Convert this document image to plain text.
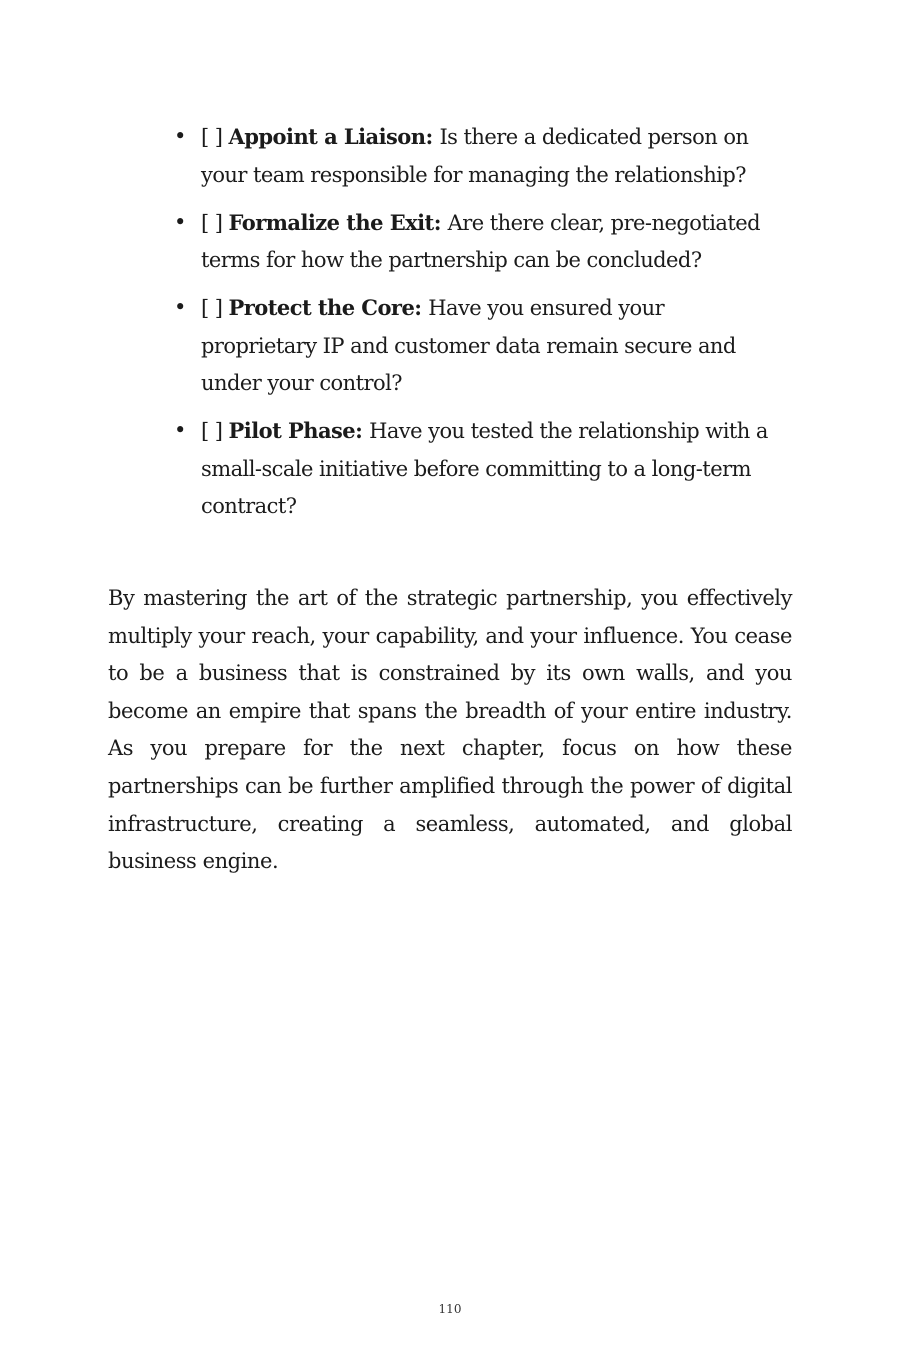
• [ ] Appoint a Liaison: Is there a dedicated person on your team responsible for managing the relationship?
• [ ] Formalize the Exit: Are there clear, pre-negotiated terms for how the partnership can be concluded?
• [ ] Protect the Core: Have you ensured your proprietary IP and customer data remain secure and under your control?
• [ ] Pilot Phase: Have you tested the relationship with a small-scale initiative before committing to a long-term contract?

By mastering the art of the strategic partnership, you effectively multiply your reach, your capability, and your influence. You cease to be a business that is constrained by its own walls, and you become an empire that spans the breadth of your entire industry. As you prepare for the next chapter, focus on how these partnerships can be further amplified through the power of digital infrastructure, creating a seamless, automated, and global business engine.

110
